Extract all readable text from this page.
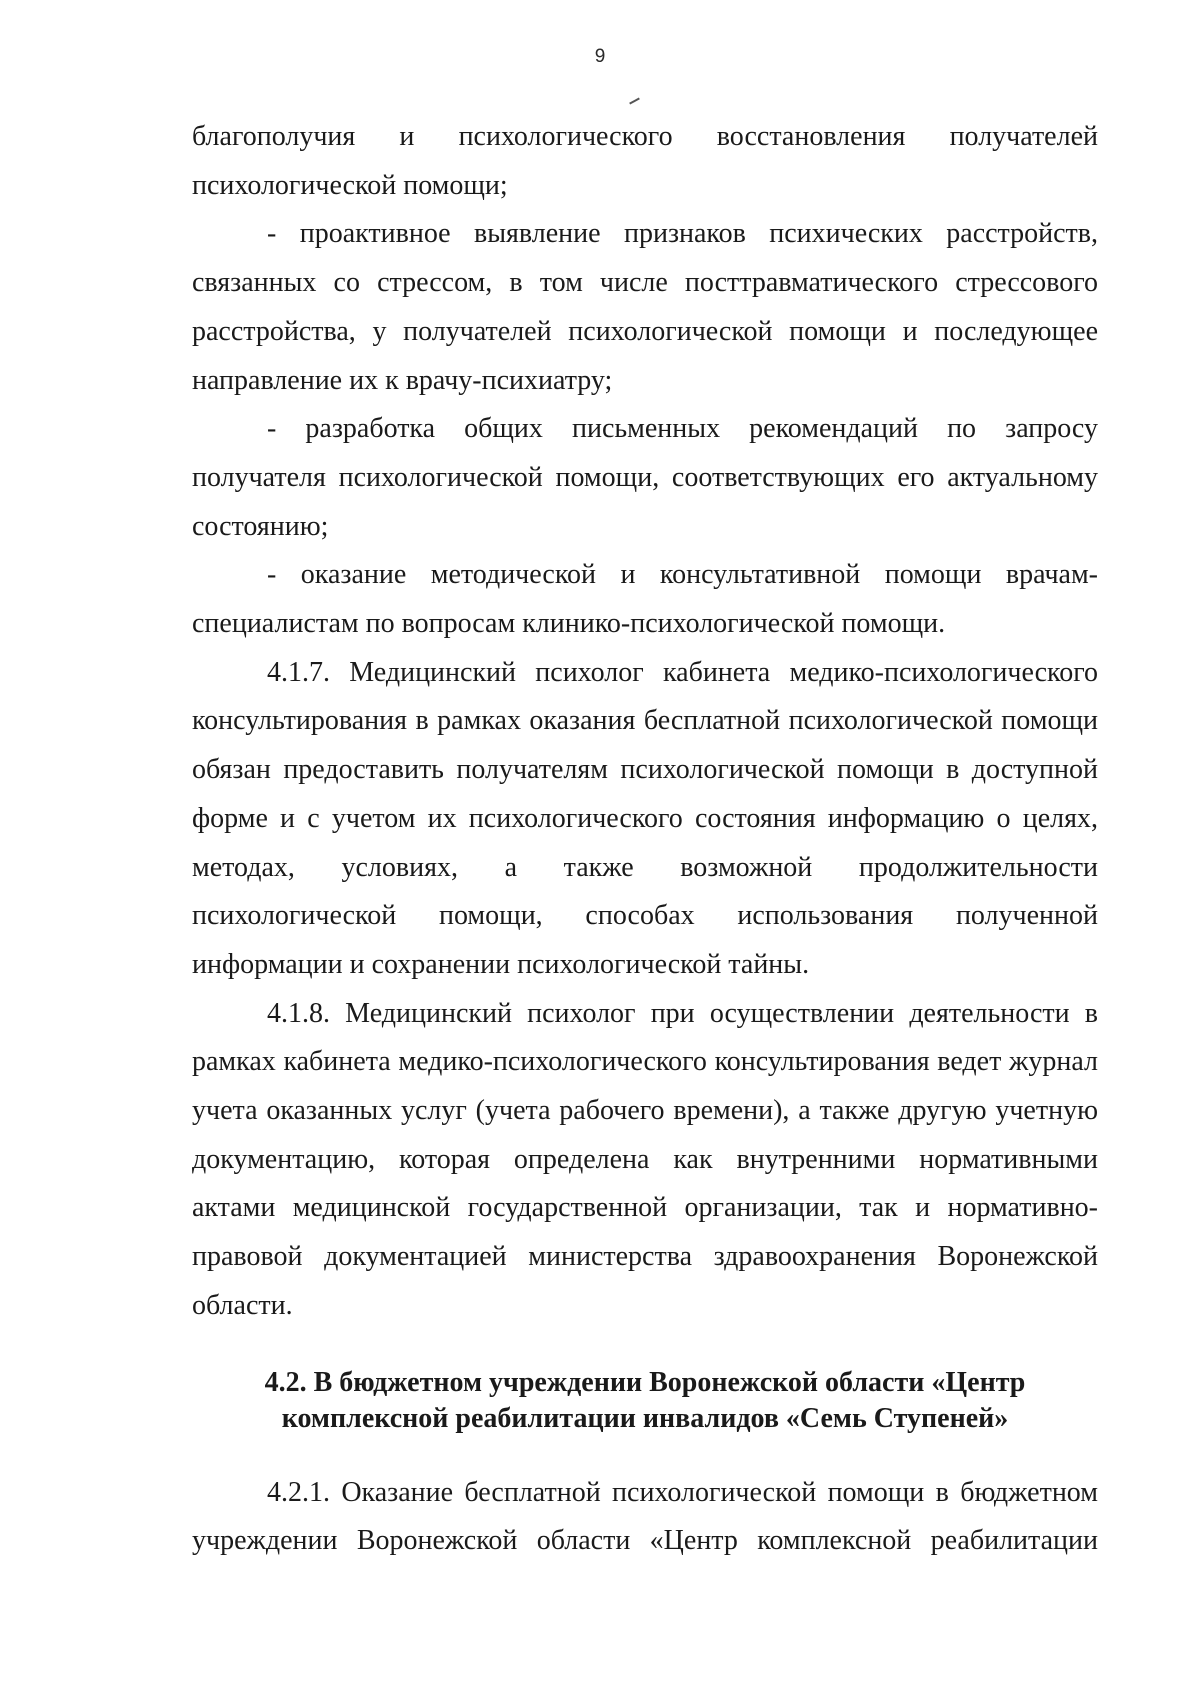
9

благополучия и психологического восстановления получателей психологической помощи;

- проактивное выявление признаков психических расстройств, связанных со стрессом, в том числе посттравматического стрессового расстройства, у получателей психологической помощи и последующее направление их к врачу-психиатру;

- разработка общих письменных рекомендаций по запросу получателя психологической помощи, соответствующих его актуальному состоянию;

- оказание методической и консультативной помощи врачам-специалистам по вопросам клинико-психологической помощи.

4.1.7. Медицинский психолог кабинета медико-психологического консультирования в рамках оказания бесплатной психологической помощи обязан предоставить получателям психологической помощи в доступной форме и с учетом их психологического состояния информацию о целях, методах, условиях, а также возможной продолжительности психологической помощи, способах использования полученной информации и сохранении психологической тайны.

4.1.8. Медицинский психолог при осуществлении деятельности в рамках кабинета медико-психологического консультирования ведет журнал учета оказанных услуг (учета рабочего времени), а также другую учетную документацию, которая определена как внутренними нормативными актами медицинской государственной организации, так и нормативно-правовой документацией министерства здравоохранения Воронежской области.

4.2. В бюджетном учреждении Воронежской области «Центр
комплексной реабилитации инвалидов «Семь Ступеней»

4.2.1. Оказание бесплатной психологической помощи в бюджетном учреждении Воронежской области «Центр комплексной реабилитации
